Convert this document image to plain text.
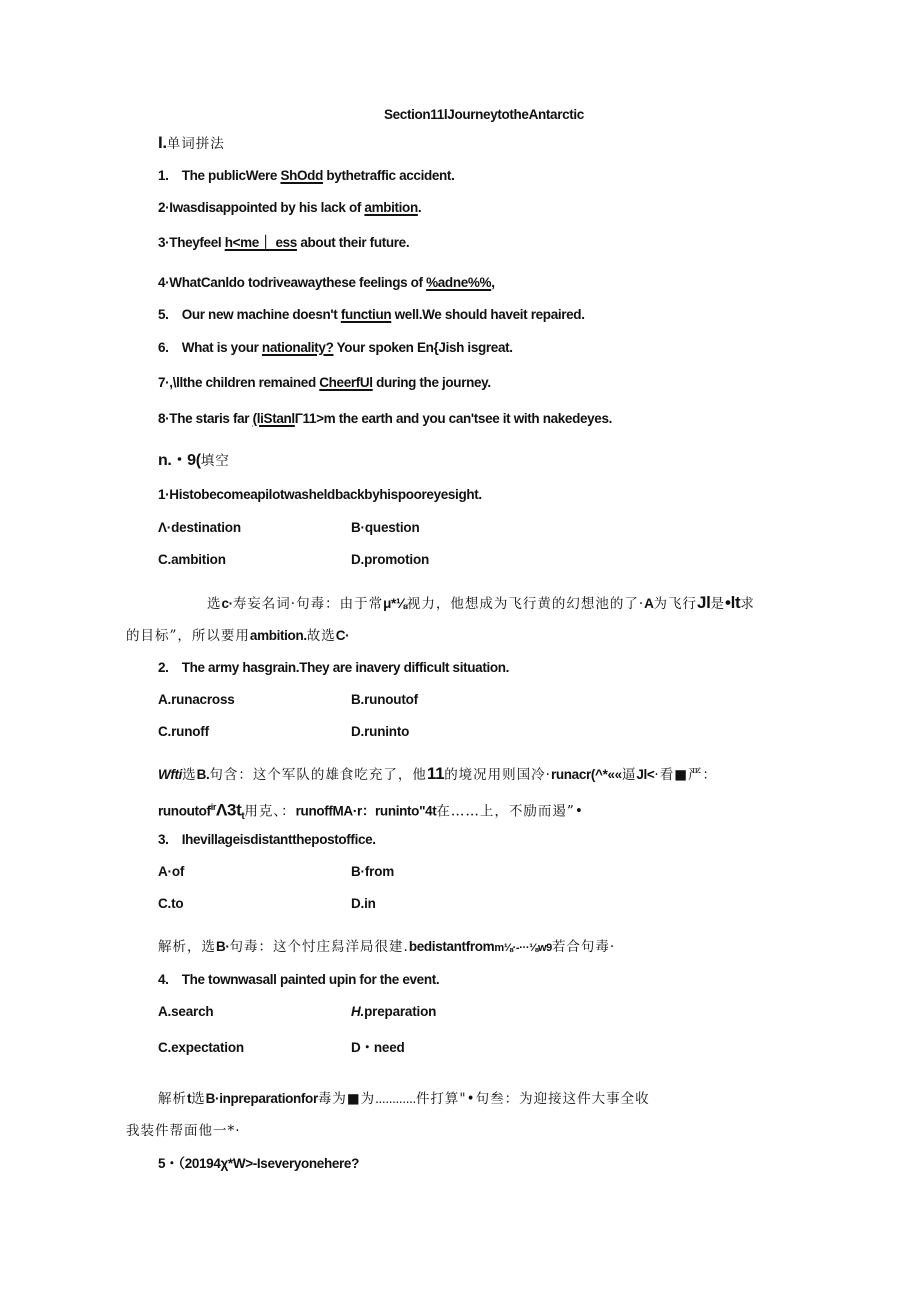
Section11lJourneytotheAntarctic
I.单词拼法
1.　The publicWere ShOdd bythetraffic accident.
2·Iwasdisappointed by his lack of ambition.
3·Theyfeel h<me｜ ess about their future.
4·WhatCanldo todriveawaythese feelings of %adne%%,
5.　Our new machine doesn't functiun well.We should haveit repaired.
6.　What is your nationality? Your spoken En{Jish isgreat.
7·,\llthe children remained CheerfUl during the journey.
8·The staris far (liStanlΓ11>m the earth and you can'tsee it with nakedeyes.
n.・9(填空
1·Histobecomeapilotwasheldbackbyhispooreyesight.
Λ·destination	B·question
C.ambition	D.promotion
选c·寿妄名词·句毒：由于常μ*⅛视力，他想成为飞行黄的幻想池的了·A为飞行Jl是•lt求
的目标”，所以要用ambition.故选C·
2.　The army hasgrain.They are inavery difficult situation.
A.runacross	B.runoutof
C.runoff	D.runinto
Wfti选B.句含：这个军队的雄食吃充了，他11的境况用则国冷·runacr(^*««逼Jl<·看■严：
$runoutof^{ir}\Lambda 3t_t$用克、：runoffMA·r：runinto"4t在……上，不励而遏”•
3.　Ihevillageisdistantthepostoffice.
A·of	B·from
C.to	D.in
解析，选B·句毒：这个忖庄舄洋局很建.bedistantfromm⅛·-···⅛w9若合句毒·
4.　The townwasall painted upin for the event.
A.search	H.preparation
C.expectation	D・need
解析t选B·inpreparationfor毒为■为............件打算"•句叁：为迎接这件大事全收
我装件帮面他一*·
5・（20194χ*W>-Iseveryonehere?
